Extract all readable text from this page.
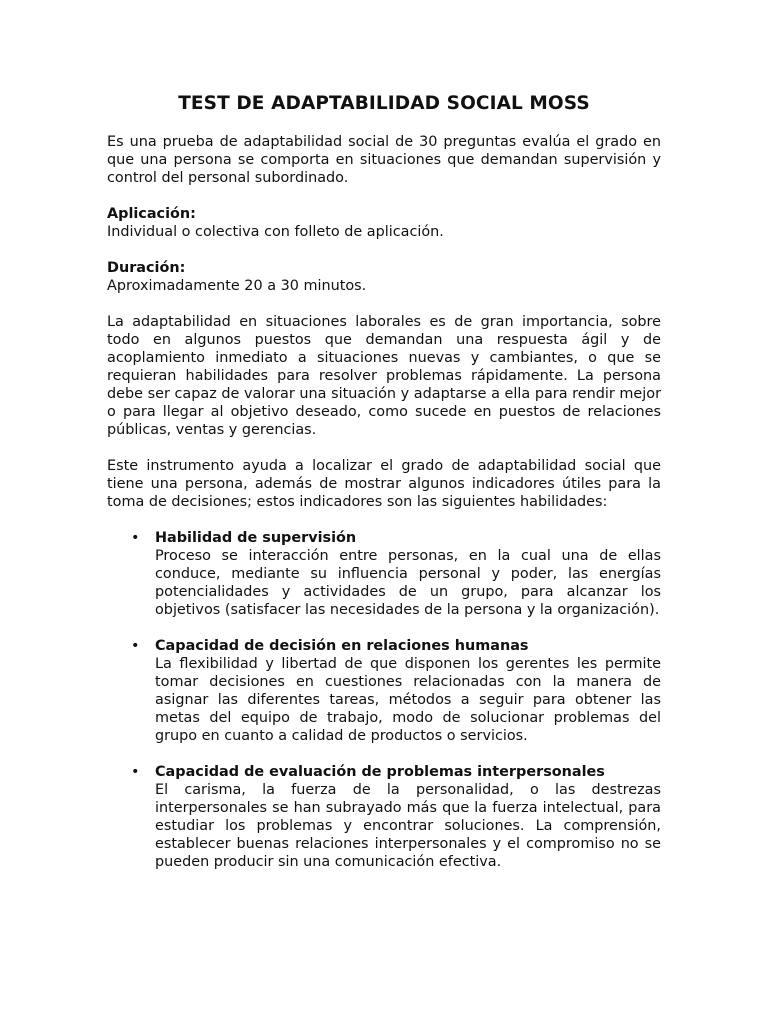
TEST DE ADAPTABILIDAD SOCIAL MOSS

Es una prueba de adaptabilidad social de 30 preguntas evalúa el grado en que una persona se comporta en situaciones que demandan supervisión y control del personal subordinado.

Aplicación:

Individual o colectiva con folleto de aplicación.

Duración:

Aproximadamente 20 a 30 minutos.

La adaptabilidad en situaciones laborales es de gran importancia, sobre todo en algunos puestos que demandan una respuesta ágil y de acoplamiento inmediato a situaciones nuevas y cambiantes, o que se requieran habilidades para resolver problemas rápidamente. La persona debe ser capaz de valorar una situación y adaptarse a ella para rendir mejor o para llegar al objetivo deseado, como sucede en puestos de relaciones públicas, ventas y gerencias.

Este instrumento ayuda a localizar el grado de adaptabilidad social que tiene una persona, además de mostrar algunos indicadores útiles para la toma de decisiones; estos indicadores son las siguientes habilidades:

• Habilidad de supervisión
Proceso se interacción entre personas, en la cual una de ellas conduce, mediante su influencia personal y poder, las energías potencialidades y actividades de un grupo, para alcanzar los objetivos (satisfacer las necesidades de la persona y la organización).
• Capacidad de decisión en relaciones humanas
La flexibilidad y libertad de que disponen los gerentes les permite tomar decisiones en cuestiones relacionadas con la manera de asignar las diferentes tareas, métodos a seguir para obtener las metas del equipo de trabajo, modo de solucionar problemas del grupo en cuanto a calidad de productos o servicios.
• Capacidad de evaluación de problemas interpersonales
El carisma, la fuerza de la personalidad, o las destrezas interpersonales se han subrayado más que la fuerza intelectual, para estudiar los problemas y encontrar soluciones. La comprensión, establecer buenas relaciones interpersonales y el compromiso no se pueden producir sin una comunicación efectiva.
